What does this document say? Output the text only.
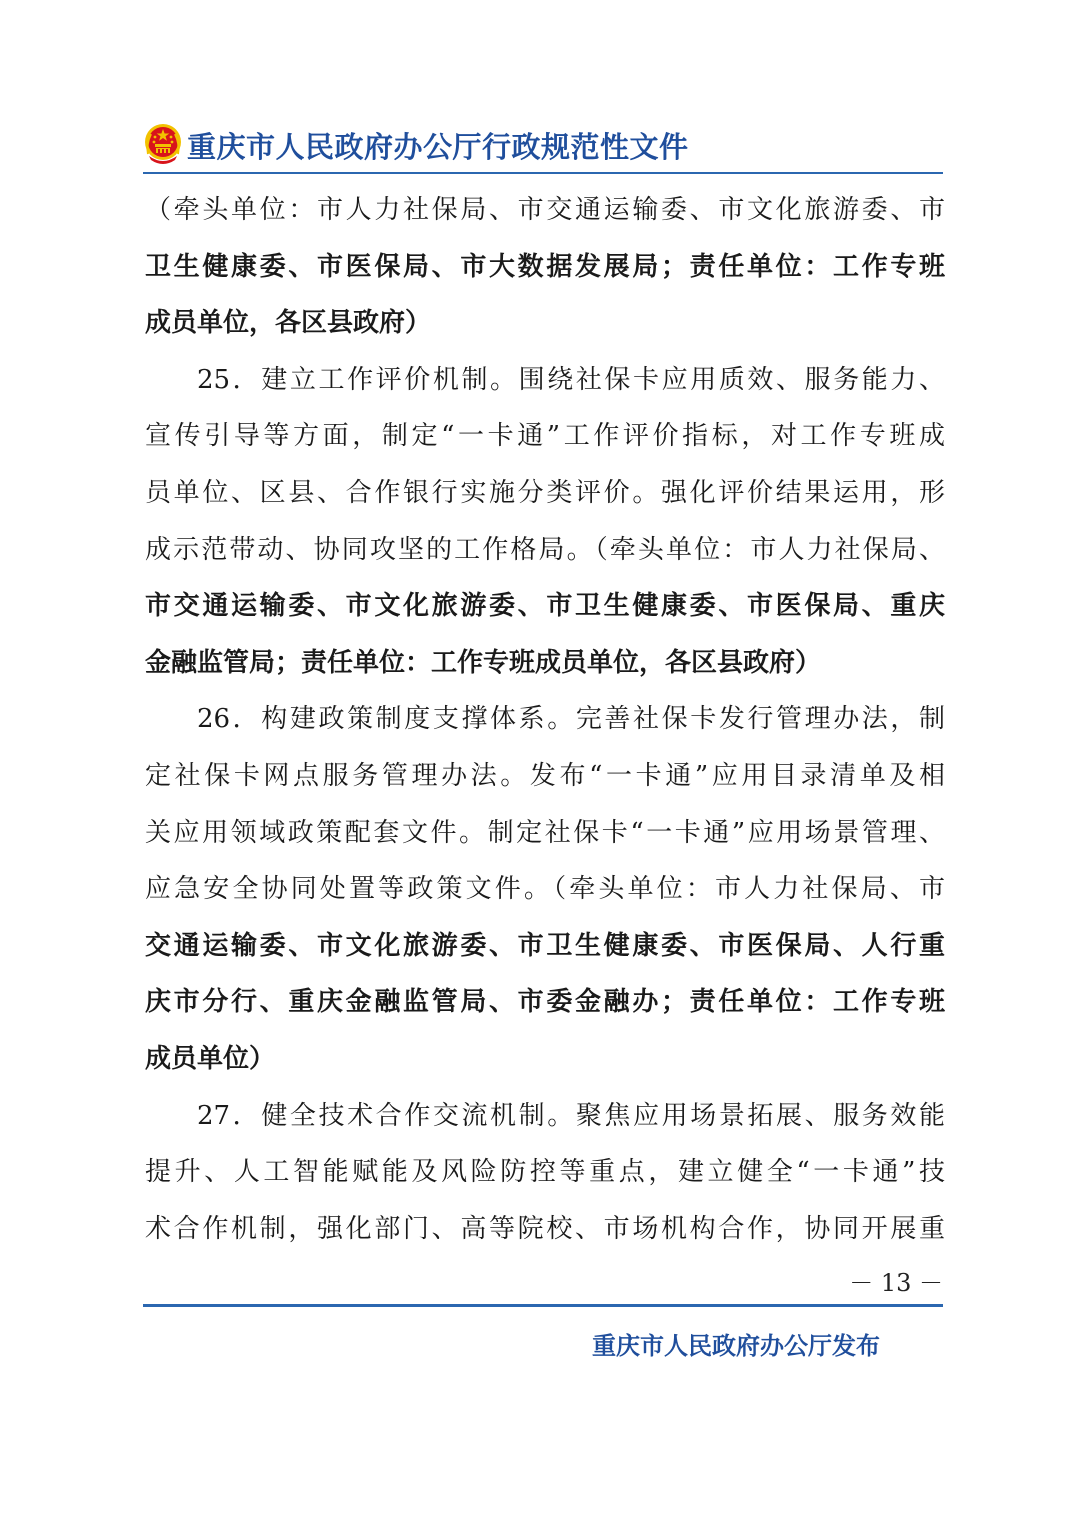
重庆市人民政府办公厅行政规范性文件
（牵头单位：市人力社保局、市交通运输委、市文化旅游委、市
卫生健康委、市医保局、市大数据发展局；责任单位：工作专班
成员单位，各区县政府）
25．建立工作评价机制。围绕社保卡应用质效、服务能力、
宣传引导等方面，制定“一卡通”工作评价指标，对工作专班成
员单位、区县、合作银行实施分类评价。强化评价结果运用，形
成示范带动、协同攻坚的工作格局。（牵头单位：市人力社保局、
市交通运输委、市文化旅游委、市卫生健康委、市医保局、重庆
金融监管局；责任单位：工作专班成员单位，各区县政府）
26．构建政策制度支撑体系。完善社保卡发行管理办法，制
定社保卡网点服务管理办法。发布“一卡通”应用目录清单及相
关应用领域政策配套文件。制定社保卡“一卡通”应用场景管理、
应急安全协同处置等政策文件。（牵头单位：市人力社保局、市
交通运输委、市文化旅游委、市卫生健康委、市医保局、人行重
庆市分行、重庆金融监管局、市委金融办；责任单位：工作专班
成员单位）
27．健全技术合作交流机制。聚焦应用场景拓展、服务效能
提升、人工智能赋能及风险防控等重点，建立健全“一卡通”技
术合作机制，强化部门、高等院校、市场机构合作，协同开展重
－ 13 －
重庆市人民政府办公厅发布
